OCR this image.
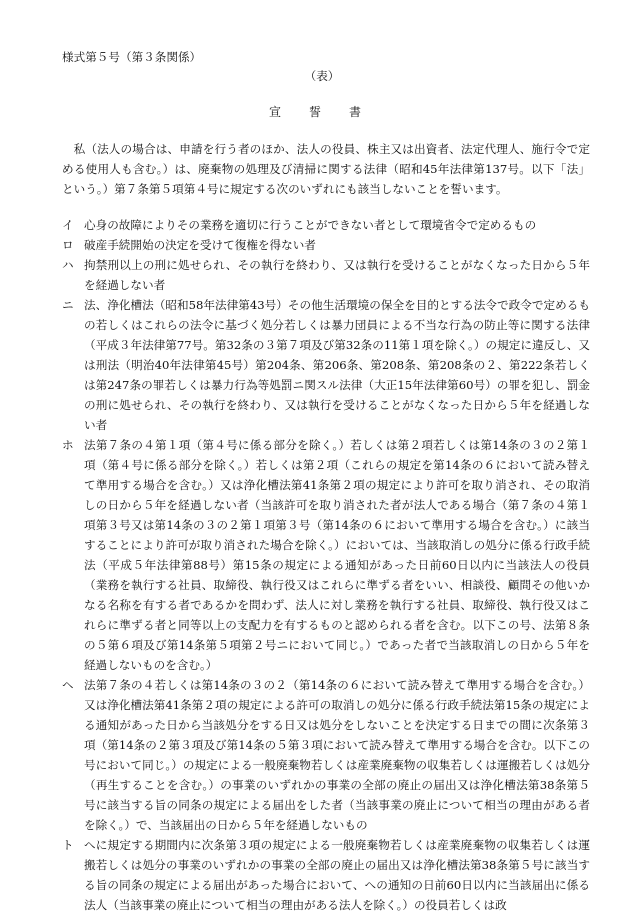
様式第５号（第３条関係）
（表）
宣誓書

私（法人の場合は、申請を行う者のほか、法人の役員、株主又は出資者、法定代理人、施行令で定める使用人も含む。）は、廃棄物の処理及び清掃に関する法律（昭和45年法律第137号。以下「法」という。）第７条第５項第４号に規定する次のいずれにも該当しないことを誓います。

イ 心身の故障によりその業務を適切に行うことができない者として環境省令で定めるもの
ロ 破産手続開始の決定を受けて復権を得ない者
ハ 拘禁刑以上の刑に処せられ、その執行を終わり、又は執行を受けることがなくなった日から５年を経過しない者
ニ 法、浄化槽法（昭和58年法律第43号）その他生活環境の保全を目的とする法令で政令で定めるもの若しくはこれらの法令に基づく処分若しくは暴力団員による不当な行為の防止等に関する法律（平成３年法律第77号。第32条の３第７項及び第32条の11第１項を除く。）の規定に違反し、又は刑法（明治40年法律第45号）第204条、第206条、第208条、第208条の２、第222条若しくは第247条の罪若しくは暴力行為等処罰ニ関スル法律（大正15年法律第60号）の罪を犯し、罰金の刑に処せられ、その執行を終わり、又は執行を受けることがなくなった日から５年を経過しない者
ホ 法第７条の４第１項（第４号に係る部分を除く。）若しくは第２項若しくは第14条の３の２第１項（第４号に係る部分を除く。）若しくは第２項（これらの規定を第14条の６において読み替えて準用する場合を含む。）又は浄化槽法第41条第２項の規定により許可を取り消され、その取消しの日から５年を経過しない者（当該許可を取り消された者が法人である場合（第７条の４第１項第３号又は第14条の３の２第１項第３号（第14条の６において準用する場合を含む。）に該当することにより許可が取り消された場合を除く。）においては、当該取消しの処分に係る行政手続法（平成５年法律第88号）第15条の規定による通知があった日前60日以内に当該法人の役員（業務を執行する社員、取締役、執行役又はこれらに準ずる者をいい、相談役、顧問その他いかなる名称を有する者であるかを問わず、法人に対し業務を執行する社員、取締役、執行役又はこれらに準ずる者と同等以上の支配力を有するものと認められる者を含む。以下この号、法第８条の５第６項及び第14条第５項第２号ニにおいて同じ。）であった者で当該取消しの日から５年を経過しないものを含む。）
ヘ 法第７条の４若しくは第14条の３の２（第14条の６において読み替えて準用する場合を含む。）又は浄化槽法第41条第２項の規定による許可の取消しの処分に係る行政手続法第15条の規定による通知があった日から当該処分をする日又は処分をしないことを決定する日までの間に次条第３項（第14条の２第３項及び第14条の５第３項において読み替えて準用する場合を含む。以下この号において同じ。）の規定による一般廃棄物若しくは産業廃棄物の収集若しくは運搬若しくは処分（再生することを含む。）の事業のいずれかの事業の全部の廃止の届出又は浄化槽法第38条第５号に該当する旨の同条の規定による届出をした者（当該事業の廃止について相当の理由がある者を除く。）で、当該届出の日から５年を経過しないもの
ト へに規定する期間内に次条第３項の規定による一般廃棄物若しくは産業廃棄物の収集若しくは運搬若しくは処分の事業のいずれかの事業の全部の廃止の届出又は浄化槽法第38条第５号に該当する旨の同条の規定による届出があった場合において、への通知の日前60日以内に当該届出に係る法人（当該事業の廃止について相当の理由がある法人を除く。）の役員若しくは政
